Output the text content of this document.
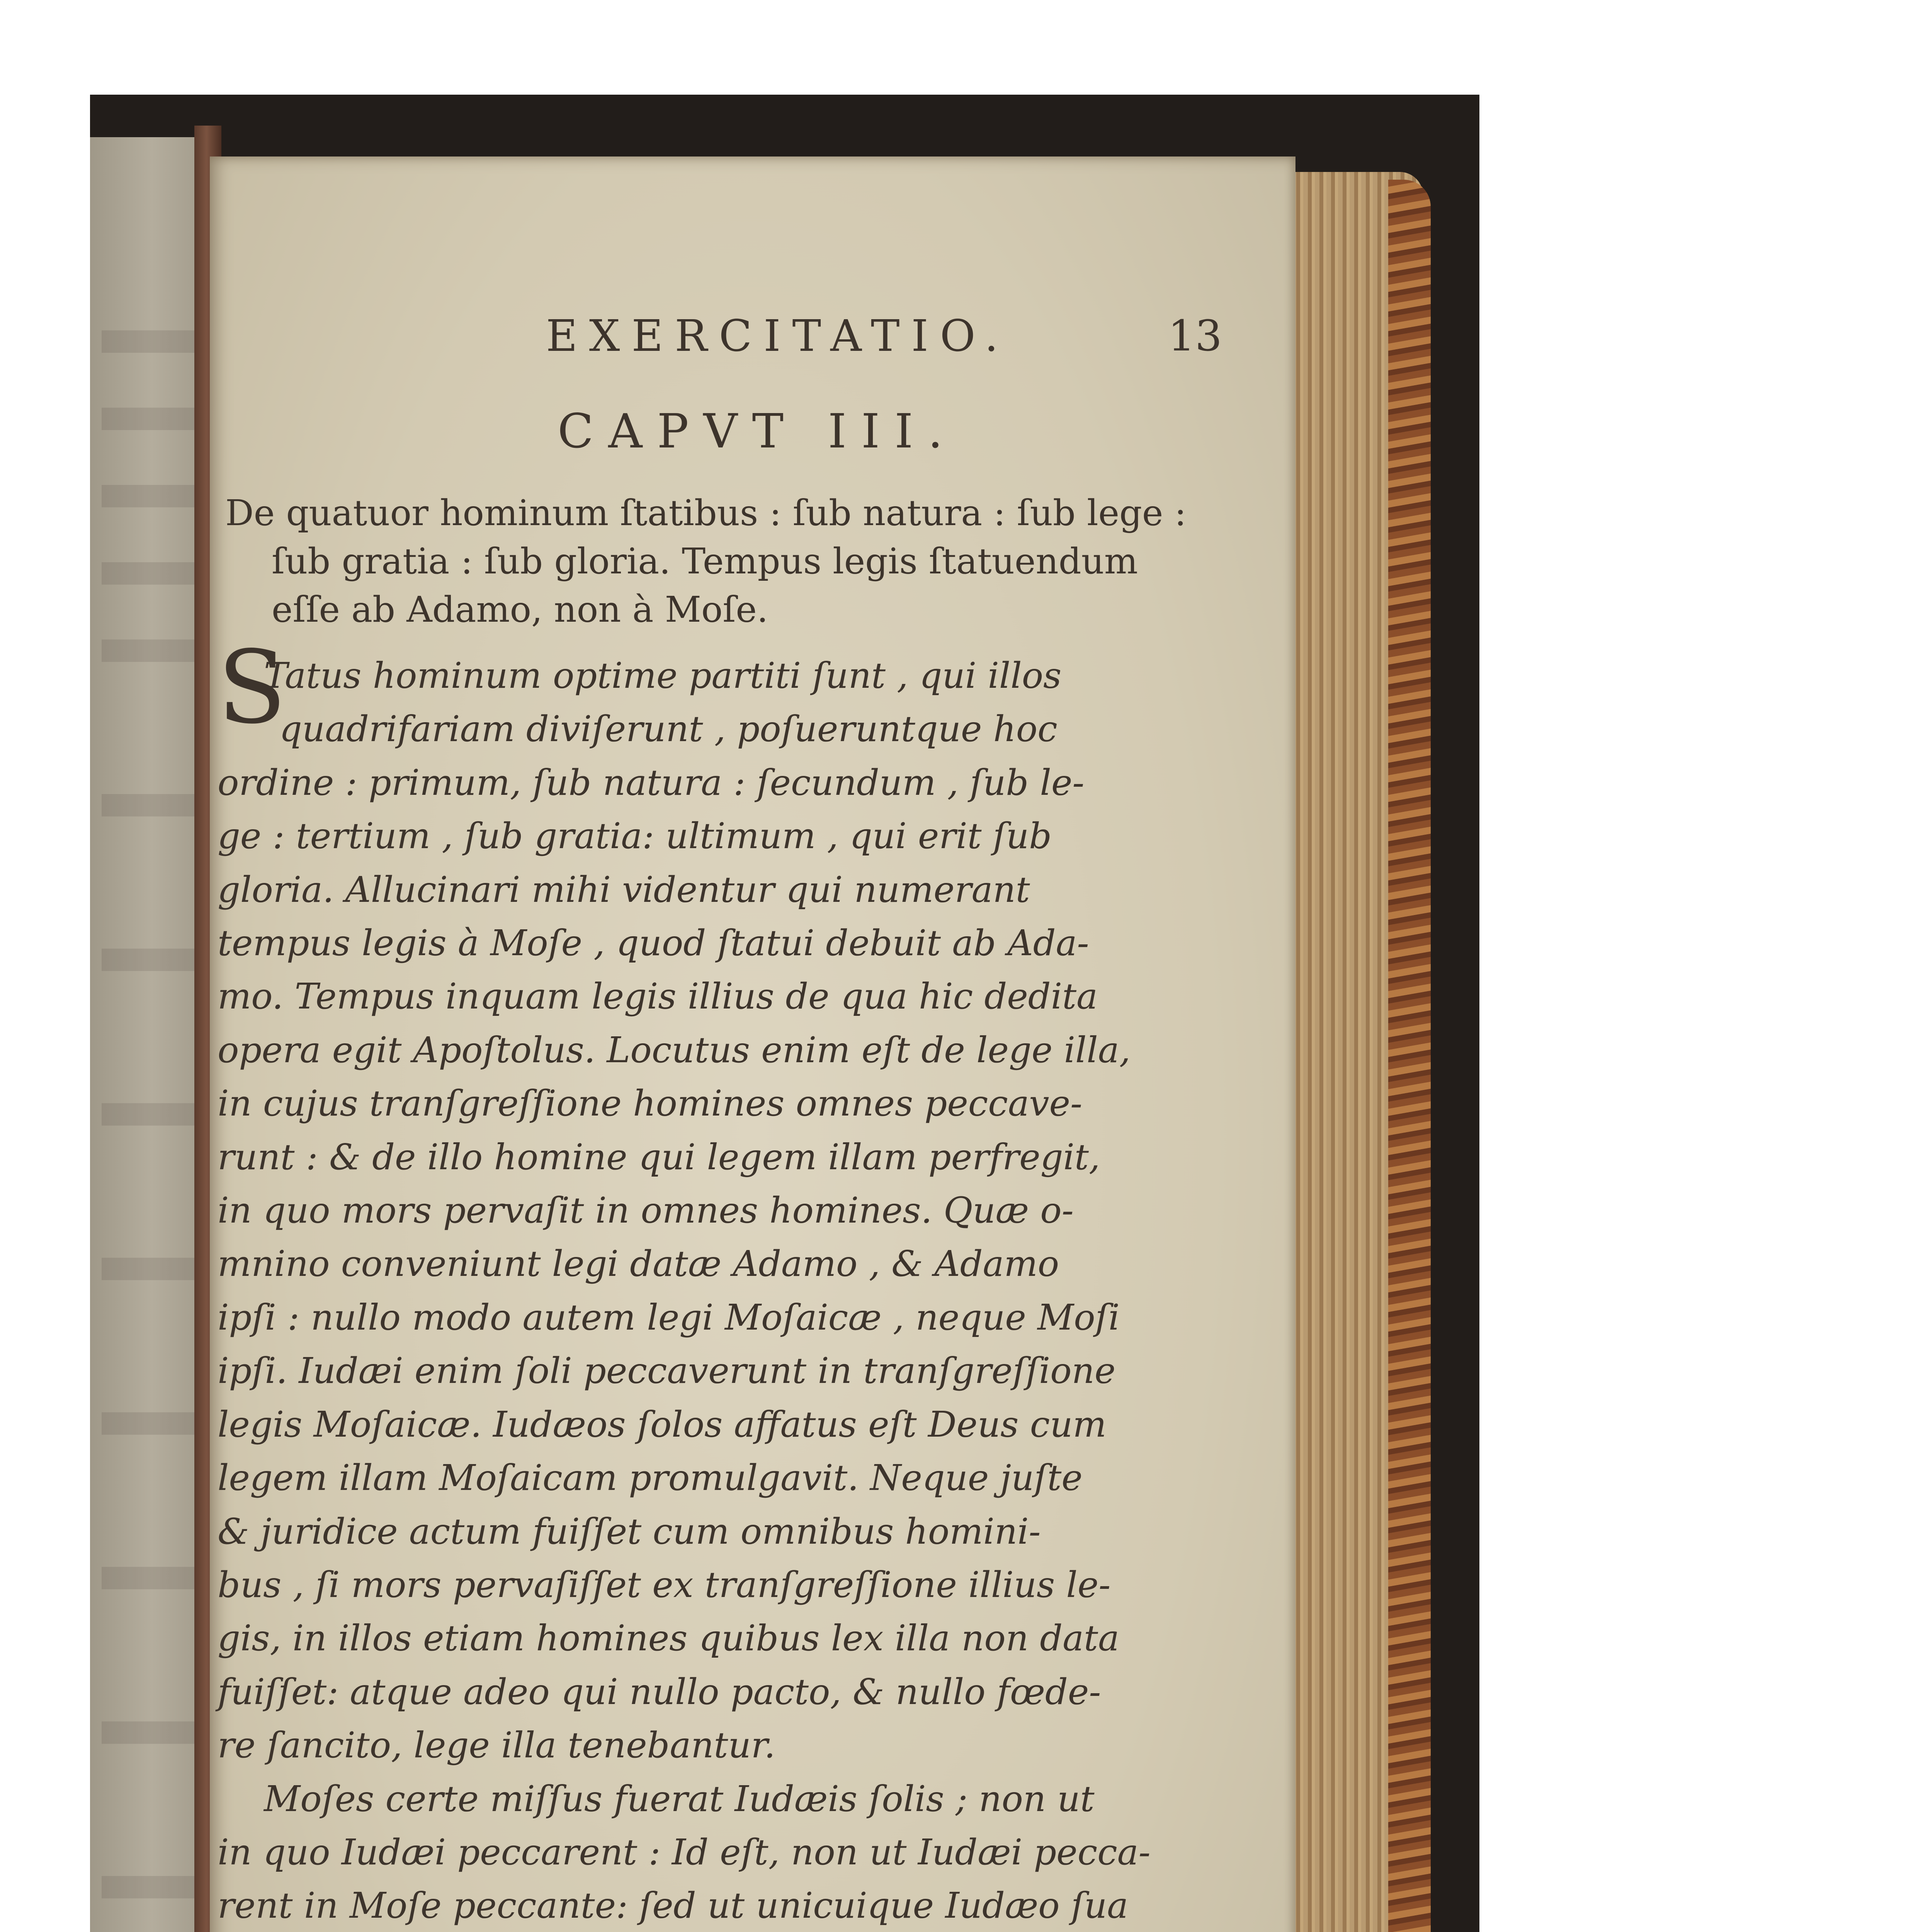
EXERCITATIO.	13
CAPVT III.
De quatuor hominum ſtatibus : ſub natura : ſub lege :
ſub gratia : ſub gloria. Tempus legis ſtatuendum
eſſe ab Adamo, non à Moſe.
S
Tatus hominum optime partiti ſunt , qui illos
quadrifariam diviſerunt , poſueruntque hoc
ordine : primum, ſub natura : ſecundum , ſub le-
ge : tertium , ſub gratia: ultimum , qui erit ſub
gloria. Allucinari mihi videntur qui numerant
tempus legis à Moſe , quod ſtatui debuit ab Ada-
mo. Tempus inquam legis illius de qua hic dedita
opera egit Apoſtolus. Locutus enim eſt de lege illa,
in cujus tranſgreſſione homines omnes peccave-
runt : & de illo homine qui legem illam perfregit,
in quo mors pervaſit in omnes homines. Quæ o-
mnino conveniunt legi datæ Adamo , & Adamo
ipſi : nullo modo autem legi Moſaicæ , neque Moſi
ipſi. Iudæi enim ſoli peccaverunt in tranſgreſſione
legis Moſaicæ. Iudæos ſolos affatus eſt Deus cum
legem illam Moſaicam promulgavit. Neque juſte
& juridice actum fuiſſet cum omnibus homini-
bus , ſi mors pervaſiſſet ex tranſgreſſione illius le-
gis, in illos etiam homines quibus lex illa non data
fuiſſet: atque adeo qui nullo pacto, & nullo fœde-
re ſancito, lege illa tenebantur.
Moſes certe miſſus fuerat Iudæis ſolis ; non ut
in quo Iudæi peccarent : Id eſt, non ut Iudæi pecca-
rent in Moſe peccante: ſed ut unicuique Iudæo ſua
